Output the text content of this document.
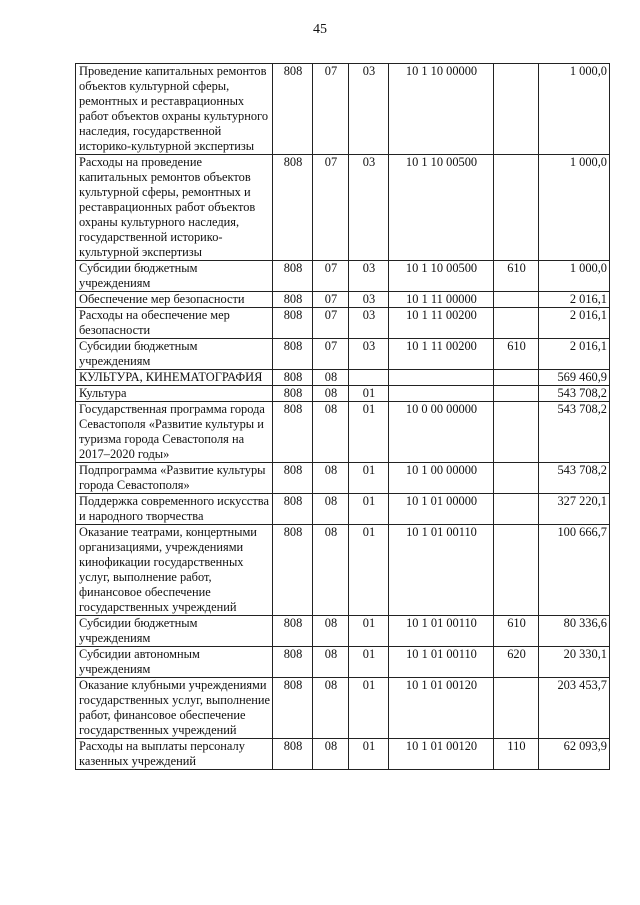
45
Проведение капитальных ремонтов объектов культурной сферы, ремонтных и реставрационных работ объектов охраны культурного наследия, государственной историко-культурной экспертизы	808	07	03	10 1 10 00000		1 000,0
Расходы на проведение капитальных ремонтов объектов культурной сферы, ремонтных и реставрационных работ объектов охраны культурного наследия, государственной историко-культурной экспертизы	808	07	03	10 1 10 00500		1 000,0
Субсидии бюджетным учреждениям	808	07	03	10 1 10 00500	610	1 000,0
Обеспечение мер безопасности	808	07	03	10 1 11 00000		2 016,1
Расходы на обеспечение мер безопасности	808	07	03	10 1 11 00200		2 016,1
Субсидии бюджетным учреждениям	808	07	03	10 1 11 00200	610	2 016,1
КУЛЬТУРА, КИНЕМАТОГРАФИЯ	808	08				569 460,9
Культура	808	08	01			543 708,2
Государственная программа города Севастополя «Развитие культуры и туризма города Севастополя на 2017–2020 годы»	808	08	01	10 0 00 00000		543 708,2
Подпрограмма «Развитие культуры города Севастополя»	808	08	01	10 1 00 00000		543 708,2
Поддержка современного искусства и народного творчества	808	08	01	10 1 01 00000		327 220,1
Оказание театрами, концертными организациями, учреждениями кинофикации государственных услуг, выполнение работ, финансовое обеспечение государственных учреждений	808	08	01	10 1 01 00110		100 666,7
Субсидии бюджетным учреждениям	808	08	01	10 1 01 00110	610	80 336,6
Субсидии автономным учреждениям	808	08	01	10 1 01 00110	620	20 330,1
Оказание клубными учреждениями государственных услуг, выполнение работ, финансовое обеспечение государственных учреждений	808	08	01	10 1 01 00120		203 453,7
Расходы на выплаты персоналу казенных учреждений	808	08	01	10 1 01 00120	110	62 093,9
